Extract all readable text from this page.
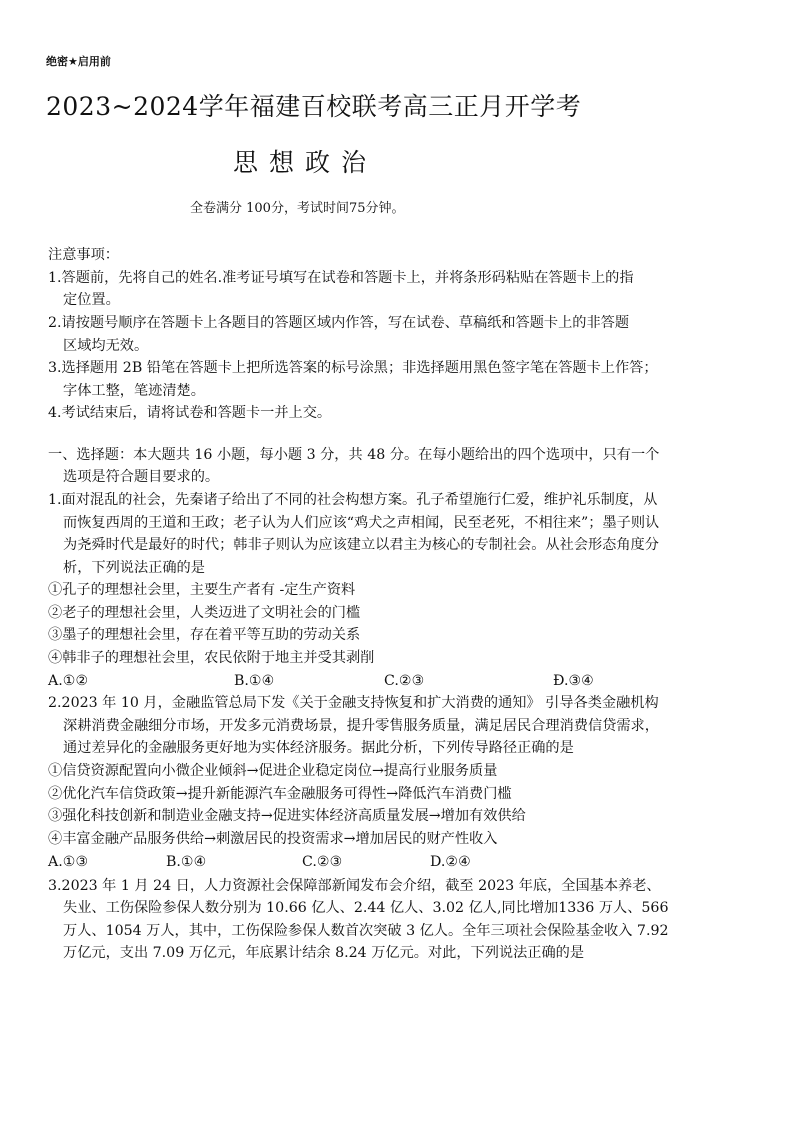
绝密★启用前
2023~2024学年福建百校联考高三正月开学考
思想政治
全卷满分 100分，考试时间75分钟。
注意事项：
1.答题前，先将自己的姓名.准考证号填写在试卷和答题卡上，并将条形码粘贴在答题卡上的指
定位置。
2.请按题号顺序在答题卡上各题目的答题区域内作答，写在试卷、草稿纸和答题卡上的非答题
区域均无效。
3.选择题用 2B 铅笔在答题卡上把所选答案的标号涂黑；非选择题用黑色签字笔在答题卡上作答；
字体工整，笔迹清楚。
4.考试结束后，请将试卷和答题卡一并上交。
一、选择题：本大题共 16 小题，每小题 3 分，共 48 分。在每小题给出的四个选项中，只有一个
选项是符合题目要求的。
1.面对混乱的社会，先秦诸子给出了不同的社会构想方案。孔子希望施行仁爱，维护礼乐制度，从
而恢复西周的王道和王政；老子认为人们应该“鸡犬之声相闻，民至老死，不相往来”；墨子则认
为尧舜时代是最好的时代；韩非子则认为应该建立以君主为核心的专制社会。从社会形态角度分
析，下列说法正确的是
①孔子的理想社会里，主要生产者有 -定生产资料
②老子的理想社会里，人类迈进了文明社会的门槛
③墨子的理想社会里，存在着平等互助的劳动关系
④韩非子的理想社会里，农民依附于地主并受其剥削
A.①②	B.①④	C.②③	Ð.③④
2.2023 年 10 月，金融监管总局下发《关于金融支持恢复和扩大消费的通知》 引导各类金融机构
深耕消费金融细分市场，开发多元消费场景，提升零售服务质量，满足居民合理消费信贷需求，
通过差异化的金融服务更好地为实体经济服务。据此分析，下列传导路径正确的是
①信贷资源配置向小微企业倾斜→促进企业稳定岗位→提高行业服务质量
②优化汽车信贷政策→提升新能源汽车金融服务可得性→降低汽车消费门槛
③强化科技创新和制造业金融支持→促进实体经济高质量发展→增加有效供给
④丰富金融产品服务供给→刺激居民的投资需求→增加居民的财产性收入
A.①③	B.①④	C.②③	D.②④
3.2023 年 1 月 24 日，人力资源社会保障部新闻发布会介绍，截至 2023 年底，全国基本养老、
失业、工伤保险参保人数分别为 10.66 亿人、2.44 亿人、3.02 亿人,同比增加1336 万人、566
万人、1054 万人，其中，工伤保险参保人数首次突破 3 亿人。全年三项社会保险基金收入 7.92
万亿元，支出 7.09 万亿元，年底累计结余 8.24 万亿元。对此，下列说法正确的是
